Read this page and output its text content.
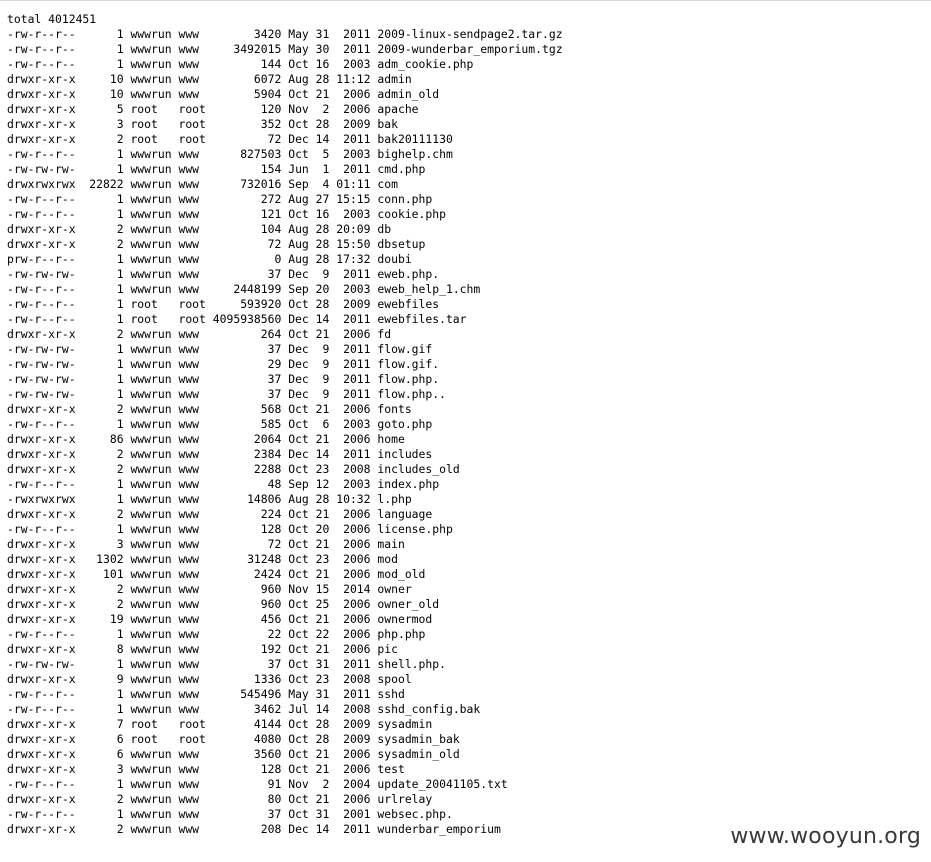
total 4012451
-rw-r--r--	1 wwwrun www	3420 May 31 2011 2009-linux-sendpage2.tar.gz
-rw-r--r--	1 wwwrun www	3492015 May 30 2011 2009-wunderbar_emporium.tgz
-rw-r--r--	1 wwwrun www	144 Oct 16 2003 adm_cookie.php
drwxr-xr-x	10 wwwrun www	6072 Aug 28 11:12 admin
drwxr-xr-x	10 wwwrun www	5904 Oct 21 2006 admin_old
drwxr-xr-x	5 root root	120 Nov 2 2006 apache
drwxr-xr-x	3 root root	352 Oct 28 2009 bak
drwxr-xr-x	2 root root	72 Dec 14 2011 bak20111130
-rw-r--r--	1 wwwrun www	827503 Oct 5 2003 bighelp.chm
-rw-rw-rw-	1 wwwrun www	154 Jun 1 2011 cmd.php
drwxrwxrwx 22822 wwwrun www	732016 Sep 4 01:11 com
-rw-r--r--	1 wwwrun www	272 Aug 27 15:15 conn.php
-rw-r--r--	1 wwwrun www	121 Oct 16 2003 cookie.php
drwxr-xr-x	2 wwwrun www	104 Aug 28 20:09 db
drwxr-xr-x	2 wwwrun www	72 Aug 28 15:50 dbsetup
prw-r--r--	1 wwwrun www	0 Aug 28 17:32 doubi
-rw-rw-rw-	1 wwwrun www	37 Dec 9 2011 eweb.php.
-rw-r--r--	1 wwwrun www	2448199 Sep 20 2003 eweb_help_1.chm
-rw-r--r--	1 root root	593920 Oct 28 2009 ewebfiles
-rw-r--r--	1 root root 4095938560 Dec 14 2011 ewebfiles.tar
drwxr-xr-x	2 wwwrun www	264 Oct 21 2006 fd
-rw-rw-rw-	1 wwwrun www	37 Dec 9 2011 flow.gif
-rw-rw-rw-	1 wwwrun www	29 Dec 9 2011 flow.gif.
-rw-rw-rw-	1 wwwrun www	37 Dec 9 2011 flow.php.
-rw-rw-rw-	1 wwwrun www	37 Dec 9 2011 flow.php..
drwxr-xr-x	2 wwwrun www	568 Oct 21 2006 fonts
-rw-r--r--	1 wwwrun www	585 Oct 6 2003 goto.php
drwxr-xr-x	86 wwwrun www	2064 Oct 21 2006 home
drwxr-xr-x	2 wwwrun www	2384 Dec 14 2011 includes
drwxr-xr-x	2 wwwrun www	2288 Oct 23 2008 includes_old
-rw-r--r--	1 wwwrun www	48 Sep 12 2003 index.php
-rwxrwxrwx	1 wwwrun www	14806 Aug 28 10:32 l.php
drwxr-xr-x	2 wwwrun www	224 Oct 21 2006 language
-rw-r--r--	1 wwwrun www	128 Oct 20 2006 license.php
drwxr-xr-x	3 wwwrun www	72 Oct 21 2006 main
drwxr-xr-x 1302 wwwrun www	31248 Oct 23 2006 mod
drwxr-xr-x 101 wwwrun www	2424 Oct 21 2006 mod_old
drwxr-xr-x	2 wwwrun www	960 Nov 15 2014 owner
drwxr-xr-x	2 wwwrun www	960 Oct 25 2006 owner_old
drwxr-xr-x	19 wwwrun www	456 Oct 21 2006 ownermod
-rw-r--r--	1 wwwrun www	22 Oct 22 2006 php.php
drwxr-xr-x	8 wwwrun www	192 Oct 21 2006 pic
-rw-rw-rw-	1 wwwrun www	37 Oct 31 2011 shell.php.
drwxr-xr-x	9 wwwrun www	1336 Oct 23 2008 spool
-rw-r--r--	1 wwwrun www	545496 May 31 2011 sshd
-rw-r--r--	1 wwwrun www	3462 Jul 14 2008 sshd_config.bak
drwxr-xr-x	7 root root	4144 Oct 28 2009 sysadmin
drwxr-xr-x	6 root root	4080 Oct 28 2009 sysadmin_bak
drwxr-xr-x	6 wwwrun www	3560 Oct 21 2006 sysadmin_old
drwxr-xr-x	3 wwwrun www	128 Oct 21 2006 test
-rw-r--r--	1 wwwrun www	91 Nov 2 2004 update_20041105.txt
drwxr-xr-x	2 wwwrun www	80 Oct 21 2006 urlrelay
-rw-r--r--	1 wwwrun www	37 Oct 31 2001 websec.php.
drwxr-xr-x	2 wwwrun www	208 Dec 14 2011 wunderbar_emporium	www.wooyun.org
